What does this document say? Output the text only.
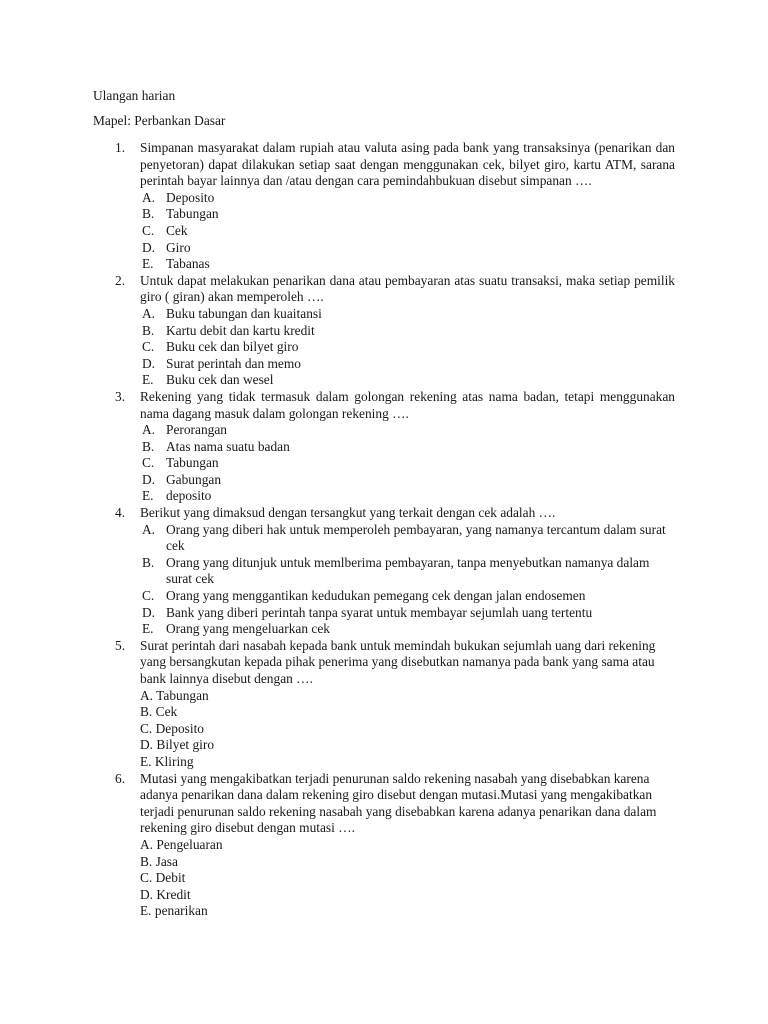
Ulangan harian
Mapel: Perbankan Dasar
1. Simpanan masyarakat dalam rupiah atau valuta asing pada bank yang transaksinya (penarikan dan penyetoran) dapat dilakukan setiap saat dengan menggunakan cek, bilyet giro, kartu ATM, sarana perintah bayar lainnya dan /atau dengan cara pemindahbukuan disebut simpanan ….
A. Deposito
B. Tabungan
C. Cek
D. Giro
E. Tabanas
2. Untuk dapat melakukan penarikan dana atau pembayaran atas suatu transaksi, maka setiap pemilik giro ( giran) akan memperoleh ….
A. Buku tabungan dan kuaitansi
B. Kartu debit dan kartu kredit
C. Buku cek dan bilyet giro
D. Surat perintah dan memo
E. Buku cek dan wesel
3. Rekening yang tidak termasuk dalam golongan rekening atas nama badan, tetapi menggunakan nama dagang masuk dalam golongan rekening ….
A. Perorangan
B. Atas nama suatu badan
C. Tabungan
D. Gabungan
E. deposito
4. Berikut yang dimaksud dengan tersangkut yang terkait dengan cek adalah ….
A. Orang yang diberi hak untuk memperoleh pembayaran, yang namanya tercantum dalam surat cek
B. Orang yang ditunjuk untuk memlberima pembayaran, tanpa menyebutkan namanya dalam surat cek
C. Orang yang menggantikan kedudukan pemegang cek dengan jalan endosemen
D. Bank yang diberi perintah tanpa syarat untuk membayar sejumlah uang tertentu
E. Orang yang mengeluarkan cek
5. Surat perintah dari nasabah kepada bank untuk memindah bukukan sejumlah uang dari rekening yang bersangkutan kepada pihak penerima yang disebutkan namanya pada bank yang sama atau bank lainnya disebut dengan ….
A. Tabungan
B. Cek
C. Deposito
D. Bilyet giro
E. Kliring
6. Mutasi yang mengakibatkan terjadi penurunan saldo rekening nasabah yang disebabkan karena adanya penarikan dana dalam rekening giro disebut dengan mutasi.Mutasi yang mengakibatkan terjadi penurunan saldo rekening nasabah yang disebabkan karena adanya penarikan dana dalam rekening giro disebut dengan mutasi ….
A. Pengeluaran
B. Jasa
C. Debit
D. Kredit
E. penarikan
